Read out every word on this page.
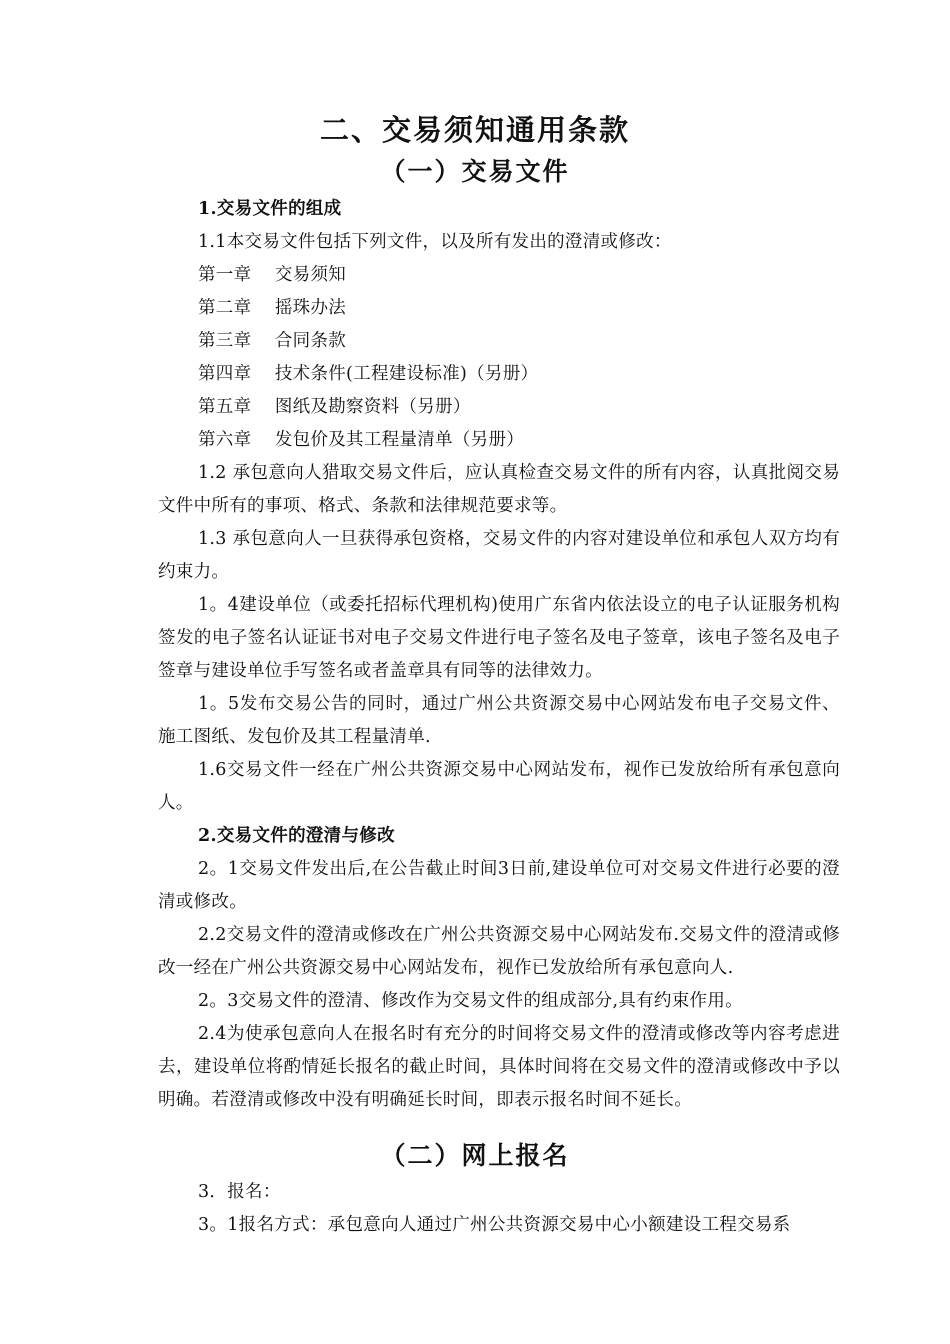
二、交易须知通用条款
（一）交易文件

1.交易文件的组成

1.1本交易文件包括下列文件，以及所有发出的澄清或修改：

第一章    交易须知

第二章    摇珠办法

第三章    合同条款

第四章    技术条件(工程建设标准)（另册）

第五章    图纸及勘察资料（另册）

第六章    发包价及其工程量清单（另册）

1.2 承包意向人猎取交易文件后，应认真检查交易文件的所有内容，认真批阅交易文件中所有的事项、格式、条款和法律规范要求等。

1.3 承包意向人一旦获得承包资格，交易文件的内容对建设单位和承包人双方均有约束力。

1。4建设单位（或委托招标代理机构)使用广东省内依法设立的电子认证服务机构签发的电子签名认证证书对电子交易文件进行电子签名及电子签章，该电子签名及电子签章与建设单位手写签名或者盖章具有同等的法律效力。

1。5发布交易公告的同时，通过广州公共资源交易中心网站发布电子交易文件、施工图纸、发包价及其工程量清单.

1.6交易文件一经在广州公共资源交易中心网站发布，视作已发放给所有承包意向人。

2.交易文件的澄清与修改

2。1交易文件发出后,在公告截止时间3日前,建设单位可对交易文件进行必要的澄清或修改。

2.2交易文件的澄清或修改在广州公共资源交易中心网站发布.交易文件的澄清或修改一经在广州公共资源交易中心网站发布，视作已发放给所有承包意向人.

2。3交易文件的澄清、修改作为交易文件的组成部分,具有约束作用。

2.4为使承包意向人在报名时有充分的时间将交易文件的澄清或修改等内容考虑进去，建设单位将酌情延长报名的截止时间，具体时间将在交易文件的澄清或修改中予以明确。若澄清或修改中没有明确延长时间，即表示报名时间不延长。

（二）网上报名

3．报名：

3。1报名方式：承包意向人通过广州公共资源交易中心小额建设工程交易系
